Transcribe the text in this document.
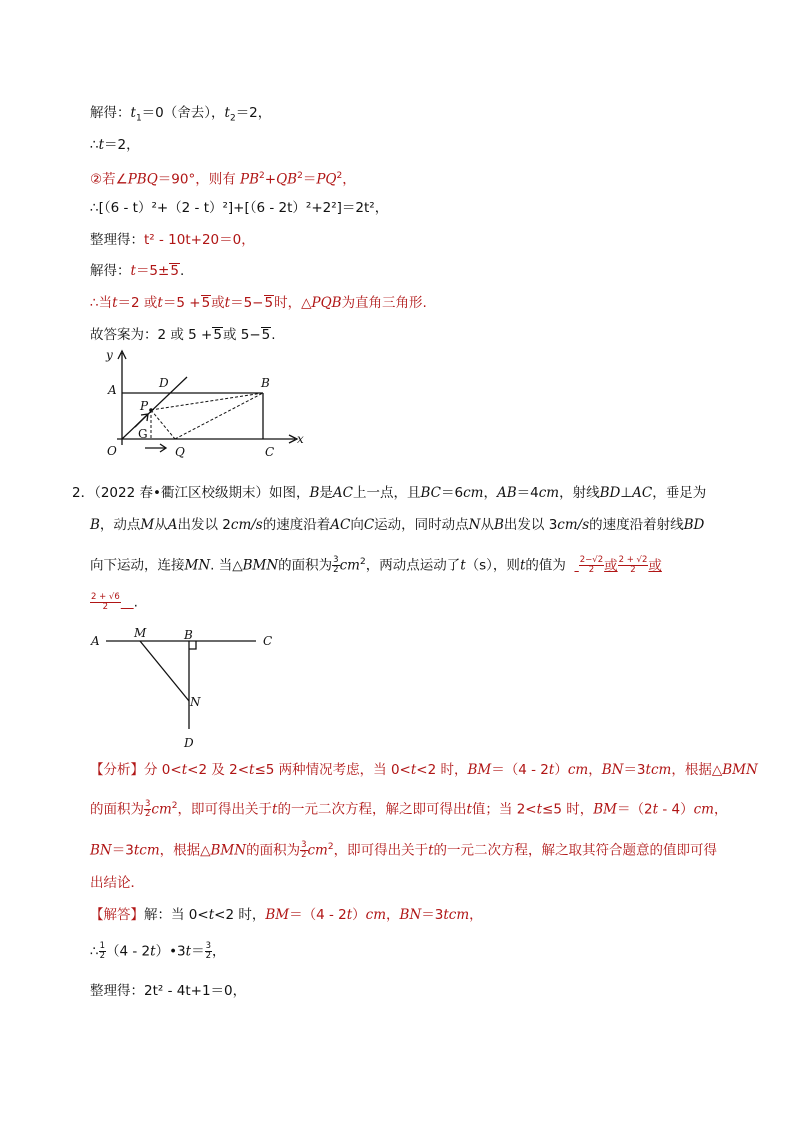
解得：$t_1=0$（舍去），$t_2=2$，
∴t＝2，
②若∠PBQ＝90°，则有 $PB^2+QB^2=PQ^2$，
∴[（6 - t）²+（2 - t）²]+[（6 - 2t）²+2²]＝2t²，
整理得：t² - 10t+20＝0，
解得：t＝5±5.
∴当t＝2 或t＝5 +5或t＝5−5时，△PQB为直角三角形.
故答案为：2 或 5 +5或 5−5.
y
A	D	B
P
G
O	Q	C
x
2．（2022 春•衢江区校级期末）如图，B是AC上一点，且BC＝6cm，AB＝4cm，射线BD⊥AC，垂足为
B，动点M从A出发以 2cm/s的速度沿着AC向C运动，同时动点N从B出发以 3cm/s的速度沿着射线BD
向下运动，连接MN. 当△BMN的面积为 $\frac{3}{2} cm^2$，两动点运动了t（s），则t的值为 $\frac{2-√2}{2}$ 或 $\frac{2 + √2}{2}$ 或
$\frac{2 + √6}{2}$ .
A
M	B	C
N
D
【分析】分 0<t<2 及 2<t≤5 两种情况考虑，当 0<t<2 时，BM＝（4 - 2t）cm，BN＝3tcm，根据△BMN
的面积为 $\frac{3}{2} cm^2$，即可得出关于t的一元二次方程，解之即可得出t值；当 2<t≤5 时，BM＝（2t - 4）cm，
BN＝3tcm，根据△BMN的面积为 $\frac{3}{2} cm^2$，即可得出关于t的一元二次方程，解之取其符合题意的值即可得
出结论．
【解答】解：当 0<t<2 时，BM＝（4 - 2t）cm，BN＝3tcm，
∴ $\frac{1}{2} (4$ - 2t）•3t＝ $\frac{3}{2}$ ，
整理得：2t² - 4t+1＝0，
